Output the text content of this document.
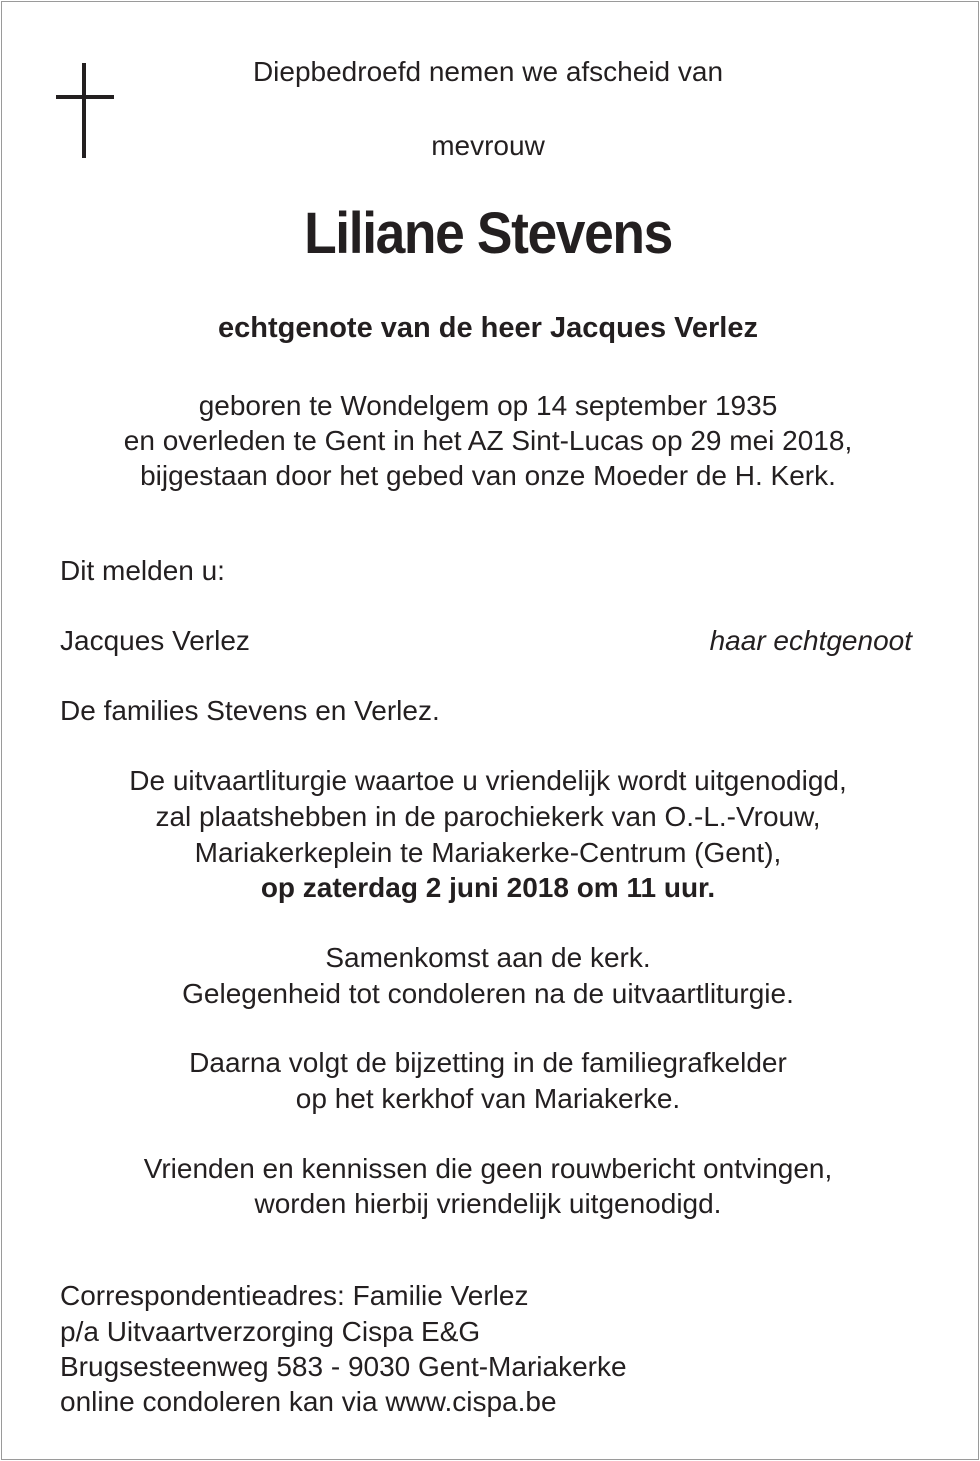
Diepbedroefd nemen we afscheid van
mevrouw
Liliane Stevens
echtgenote van de heer Jacques Verlez
geboren te Wondelgem op 14 september 1935
en overleden te Gent in het AZ Sint-Lucas op 29 mei 2018,
bijgestaan door het gebed van onze Moeder de H. Kerk.
Dit melden u:
Jacques Verlez	haar echtgenoot
De families Stevens en Verlez.
De uitvaartliturgie waartoe u vriendelijk wordt uitgenodigd,
zal plaatshebben in de parochiekerk van O.-L.-Vrouw,
Mariakerkeplein te Mariakerke-Centrum (Gent),
op zaterdag 2 juni 2018 om 11 uur.
Samenkomst aan de kerk.
Gelegenheid tot condoleren na de uitvaartliturgie.
Daarna volgt de bijzetting in de familiegrafkelder
op het kerkhof van Mariakerke.
Vrienden en kennissen die geen rouwbericht ontvingen,
worden hierbij vriendelijk uitgenodigd.
Correspondentieadres: Familie Verlez
p/a Uitvaartverzorging Cispa E&G
Brugsesteenweg 583 - 9030 Gent-Mariakerke
online condoleren kan via www.cispa.be
